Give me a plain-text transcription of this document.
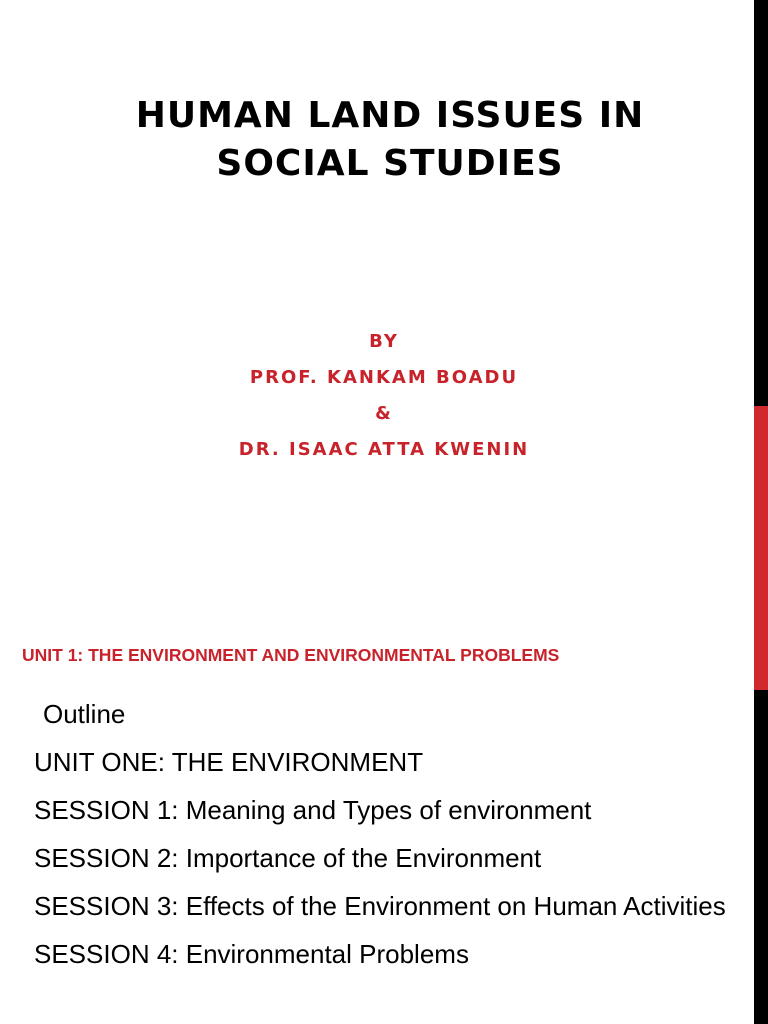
HUMAN LAND ISSUES IN
SOCIAL STUDIES
BY
PROF. KANKAM BOADU
&
DR. ISAAC ATTA KWENIN
UNIT 1: THE ENVIRONMENT AND ENVIRONMENTAL PROBLEMS
Outline
UNIT ONE: THE ENVIRONMENT
SESSION 1: Meaning and Types of environment
SESSION 2: Importance of the Environment
SESSION 3: Effects of the Environment on Human Activities
SESSION 4: Environmental Problems
